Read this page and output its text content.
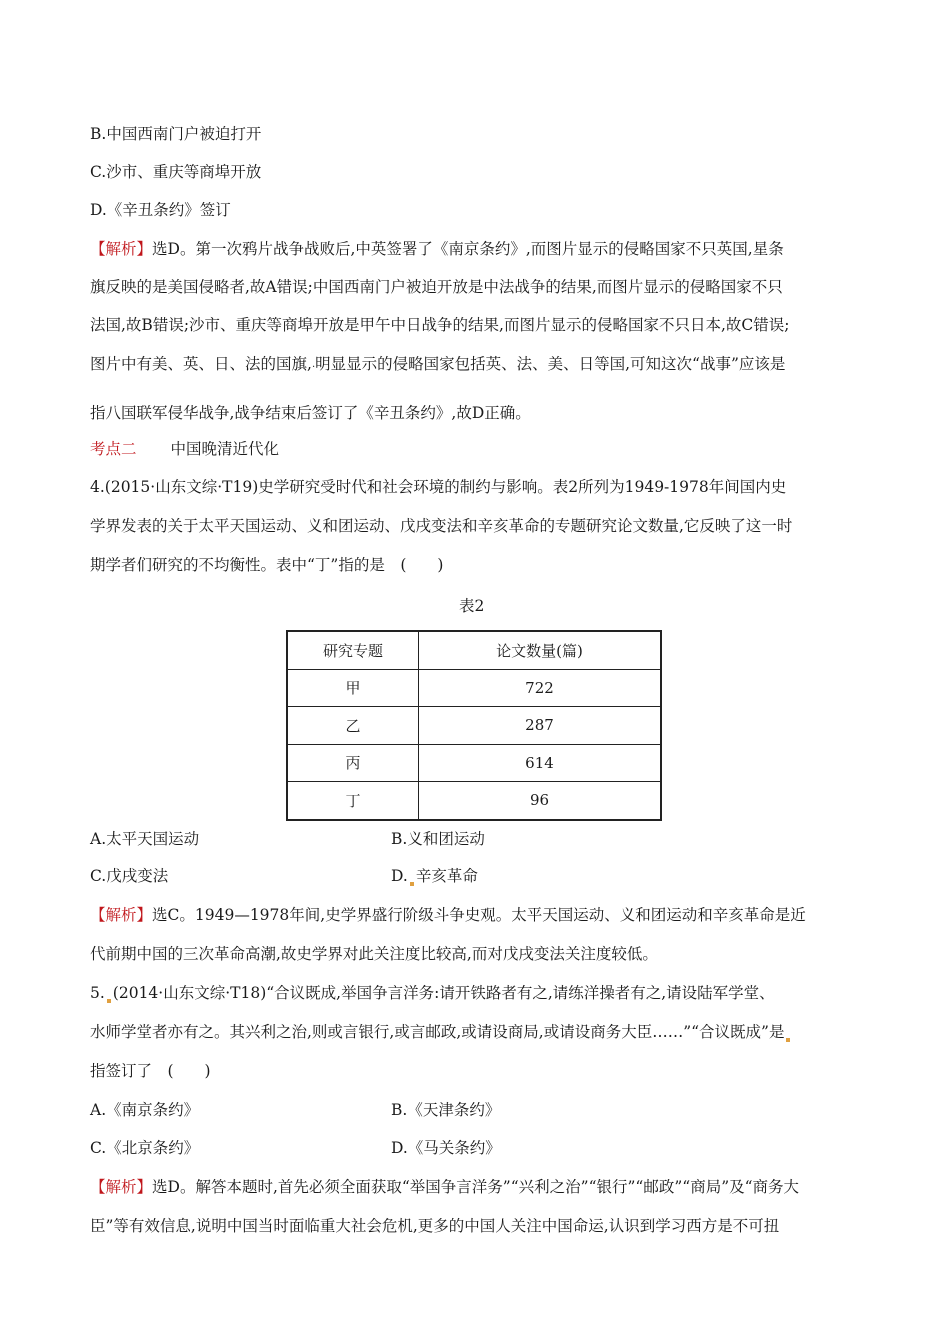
B.中国西南门户被迫打开
C.沙市、重庆等商埠开放
D.《辛丑条约》签订
【解析】选D。第一次鸦片战争战败后,中英签署了《南京条约》,而图片显示的侵略国家不只英国,星条
旗反映的是美国侵略者,故A错误;中国西南门户被迫开放是中法战争的结果,而图片显示的侵略国家不只
法国,故B错误;沙市、重庆等商埠开放是甲午中日战争的结果,而图片显示的侵略国家不只日本,故C错误;
图片中有美、英、日、法的国旗,.明显显示的侵略国家包括英、法、美、日等国,可知这次“战事”应该是
指八国联军侵华战争,战争结束后签订了《辛丑条约》,故D正确。
考点二 中国晚清近代化
4.(2015·山东文综·T19)史学研究受时代和社会环境的制约与影响。表2所列为1949-1978年间国内史
学界发表的关于太平天国运动、义和团运动、戊戌变法和辛亥革命的专题研究论文数量,它反映了这一时
期学者们研究的不均衡性。表中“丁”指的是　(　　)
表2
研究专题	论文数量(篇)
甲	722
乙	287
丙	614
丁	96
A.太平天国运动	B.义和团运动
C.戊戌变法	D. 辛亥革命
【解析】选C。1949—1978年间,史学界盛行阶级斗争史观。太平天国运动、义和团运动和辛亥革命是近
代前期中国的三次革命高潮,故史学界对此关注度比较高,而对戊戌变法关注度较低。
5. (2014·山东文综·T18)“合议既成,举国争言洋务:请开铁路者有之,请练洋操者有之,请设陆军学堂、
水师学堂者亦有之。其兴利之治,则或言银行,或言邮政,或请设商局,或请设商务大臣……”“合议既成”是
指签订了　(　　)
A.《南京条约》	B.《天津条约》
C.《北京条约》	D.《马关条约》
【解析】选D。解答本题时,首先必须全面获取“举国争言洋务”“兴利之治”“银行”“邮政”“商局”及“商务大
臣”等有效信息,说明中国当时面临重大社会危机,更多的中国人关注中国命运,认识到学习西方是不可扭
